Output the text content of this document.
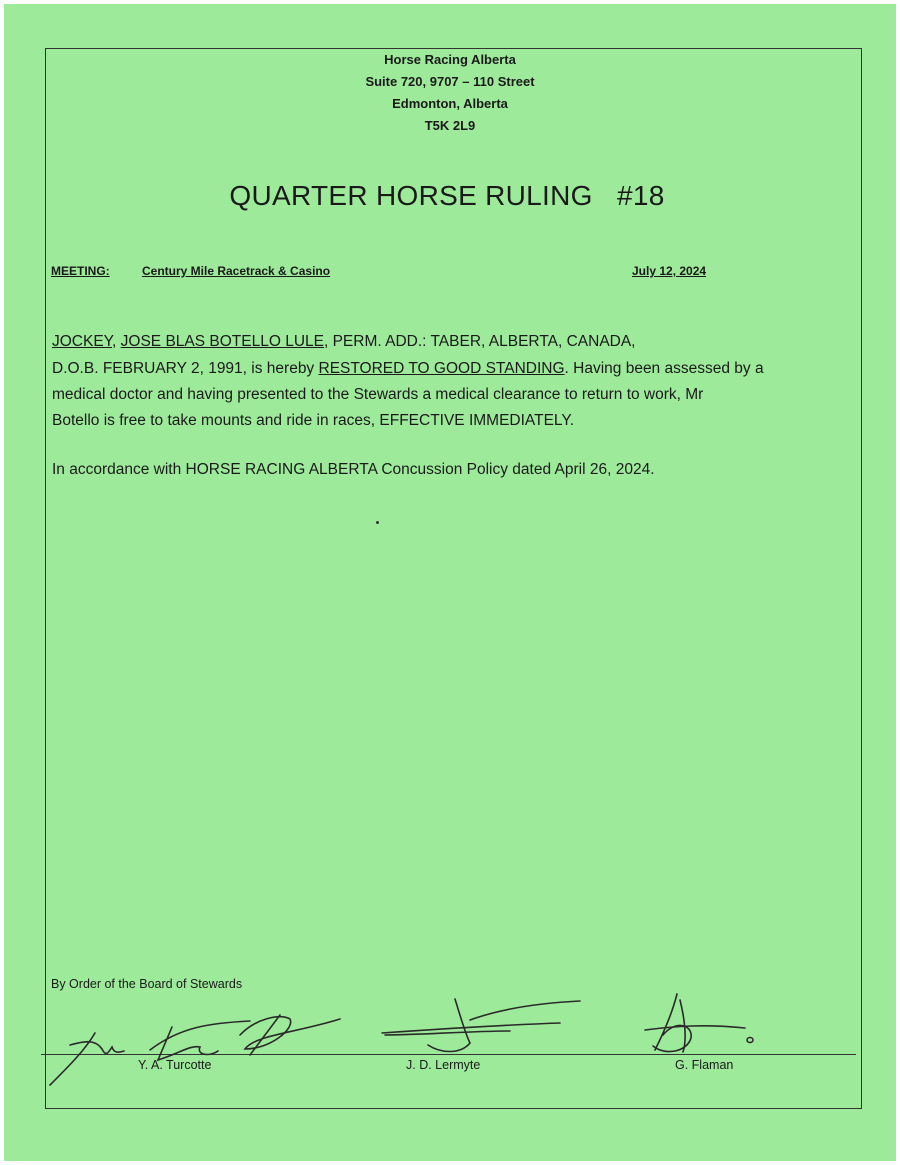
Horse Racing Alberta
Suite 720, 9707 – 110 Street
Edmonton, Alberta
T5K 2L9
QUARTER HORSE RULING   #18
MEETING:	Century Mile Racetrack & Casino	July 12, 2024
JOCKEY, JOSE BLAS BOTELLO LULE, PERM. ADD.: TABER, ALBERTA, CANADA,
D.O.B. FEBRUARY 2, 1991, is hereby RESTORED TO GOOD STANDING. Having been assessed by a
medical doctor and having presented to the Stewards a medical clearance to return to work, Mr
Botello is free to take mounts and ride in races, EFFECTIVE IMMEDIATELY.
In accordance with HORSE RACING ALBERTA Concussion Policy dated April 26, 2024.
By Order of the Board of Stewards
Y. A. Turcotte	J. D. Lermyte	G. Flaman
